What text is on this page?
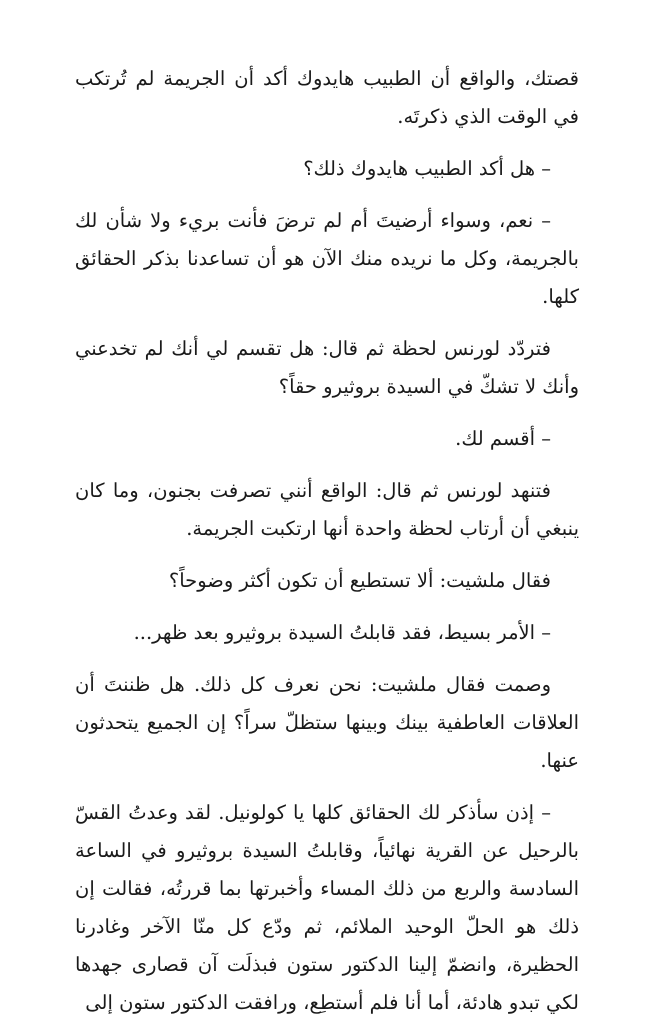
قصتك، والواقع أن الطبيب هايدوك أكد أن الجريمة لم تُرتكب في الوقت الذي ذكرتَه.

– هل أكد الطبيب هايدوك ذلك؟

– نعم، وسواء أرضيتَ أم لم ترضَ فأنت بريء ولا شأن لك بالجريمة، وكل ما نريده منك الآن هو أن تساعدنا بذكر الحقائق كلها.

فتردّد لورنس لحظة ثم قال: هل تقسم لي أنك لم تخدعني وأنك لا تشكّ في السيدة بروثيرو حقاً؟

– أقسم لك.

فتنهد لورنس ثم قال: الواقع أنني تصرفت بجنون، وما كان ينبغي أن أرتاب لحظة واحدة أنها ارتكبت الجريمة.

فقال ملشيت: ألا تستطيع أن تكون أكثر وضوحاً؟

– الأمر بسيط، فقد قابلتُ السيدة بروثيرو بعد ظهر...

وصمت فقال ملشيت: نحن نعرف كل ذلك. هل ظننتَ أن العلاقات العاطفية بينك وبينها ستظلّ سراً؟ إن الجميع يتحدثون عنها.

– إذن سأذكر لك الحقائق كلها يا كولونيل. لقد وعدتُ القسّ بالرحيل عن القرية نهائياً، وقابلتُ السيدة بروثيرو في الساعة السادسة والربع من ذلك المساء وأخبرتها بما قررتُه، فقالت إن ذلك هو الحلّ الوحيد الملائم، ثم ودّع كل منّا الآخر وغادرنا الحظيرة، وانضمّ إلينا الدكتور ستون فبذلَت آن قصارى جهدها لكي تبدو هادئة، أما أنا فلم أستطِع، ورافقت الدكتور ستون إلى
